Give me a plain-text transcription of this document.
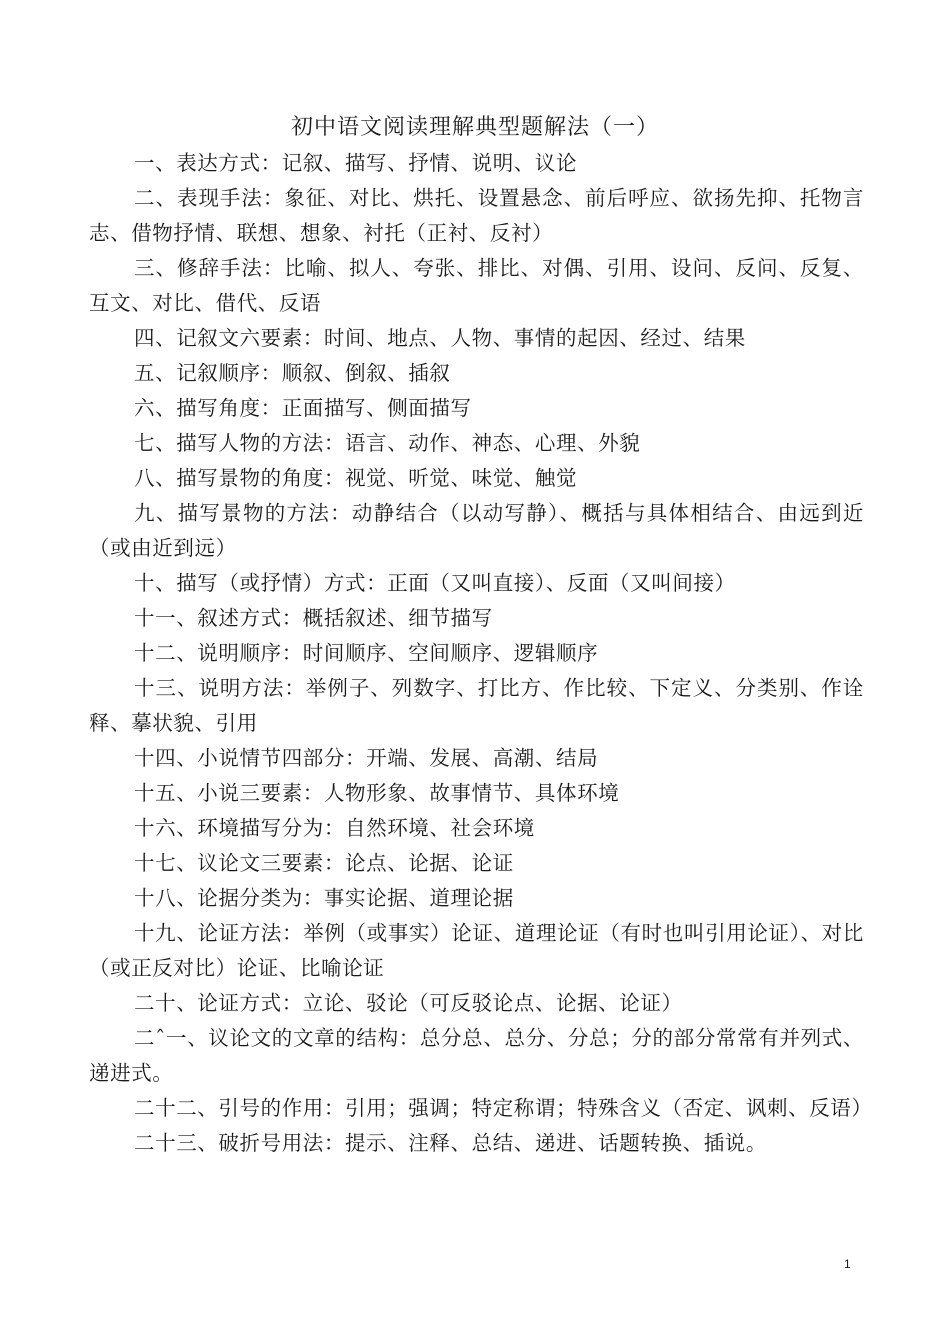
初中语文阅读理解典型题解法（一）

一、表达方式：记叙、描写、抒情、说明、议论

二、表现手法：象征、对比、烘托、设置悬念、前后呼应、欲扬先抑、托物言志、借物抒情、联想、想象、衬托（正衬、反衬）

三、修辞手法：比喻、拟人、夸张、排比、对偶、引用、设问、反问、反复、互文、对比、借代、反语

四、记叙文六要素：时间、地点、人物、事情的起因、经过、结果

五、记叙顺序：顺叙、倒叙、插叙

六、描写角度：正面描写、侧面描写

七、描写人物的方法：语言、动作、神态、心理、外貌

八、描写景物的角度：视觉、听觉、味觉、触觉

九、描写景物的方法：动静结合（以动写静）、概括与具体相结合、由远到近（或由近到远）

十、描写（或抒情）方式：正面（又叫直接）、反面（又叫间接）

十一、叙述方式：概括叙述、细节描写

十二、说明顺序：时间顺序、空间顺序、逻辑顺序

十三、说明方法：举例子、列数字、打比方、作比较、下定义、分类别、作诠释、摹状貌、引用

十四、小说情节四部分：开端、发展、高潮、结局

十五、小说三要素：人物形象、故事情节、具体环境

十六、环境描写分为：自然环境、社会环境

十七、议论文三要素：论点、论据、论证

十八、论据分类为：事实论据、道理论据

十九、论证方法：举例（或事实）论证、道理论证（有时也叫引用论证）、对比（或正反对比）论证、比喻论证

二十、论证方式：立论、驳论（可反驳论点、论据、论证）

二ˆ一、议论文的文章的结构：总分总、总分、分总；分的部分常常有并列式、递进式。

二十二、引号的作用：引用；强调；特定称谓；特殊含义（否定、讽刺、反语）

二十三、破折号用法：提示、注释、总结、递进、话题转换、插说。

1
